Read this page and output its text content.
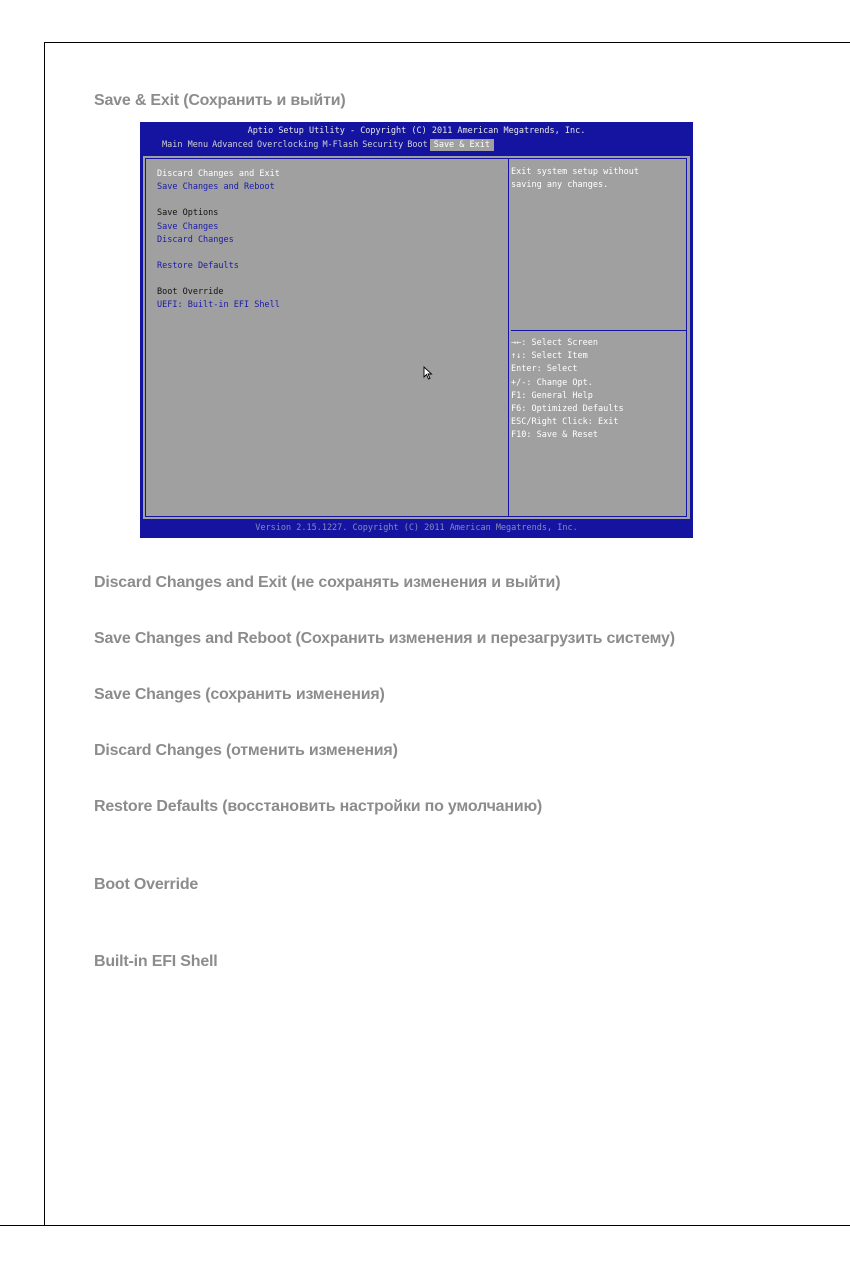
Save & Exit (Сохранить и выйти)
Aptio Setup Utility - Copyright (C) 2011 American Megatrends, Inc.
Main Menu Advanced Overclocking M-Flash Security Boot Save & Exit
Discard Changes and Exit
Save Changes and Reboot
Save Options
Save Changes
Discard Changes
Restore Defaults
Boot Override
UEFI: Built-in EFI Shell
Exit system setup without
saving any changes.
→←: Select Screen
↑↓: Select Item
Enter: Select
+/-: Change Opt.
F1: General Help
F6: Optimized Defaults
ESC/Right Click: Exit
F10: Save & Reset
Version 2.15.1227. Copyright (C) 2011 American Megatrends, Inc.
Discard Changes and Exit (не сохранять изменения и выйти)
Save Changes and Reboot (Сохранить изменения и перезагрузить систему)
Save Changes (сохранить изменения)
Discard Changes (отменить изменения)
Restore Defaults (восстановить настройки по умолчанию)
Boot Override
Built-in EFI Shell
